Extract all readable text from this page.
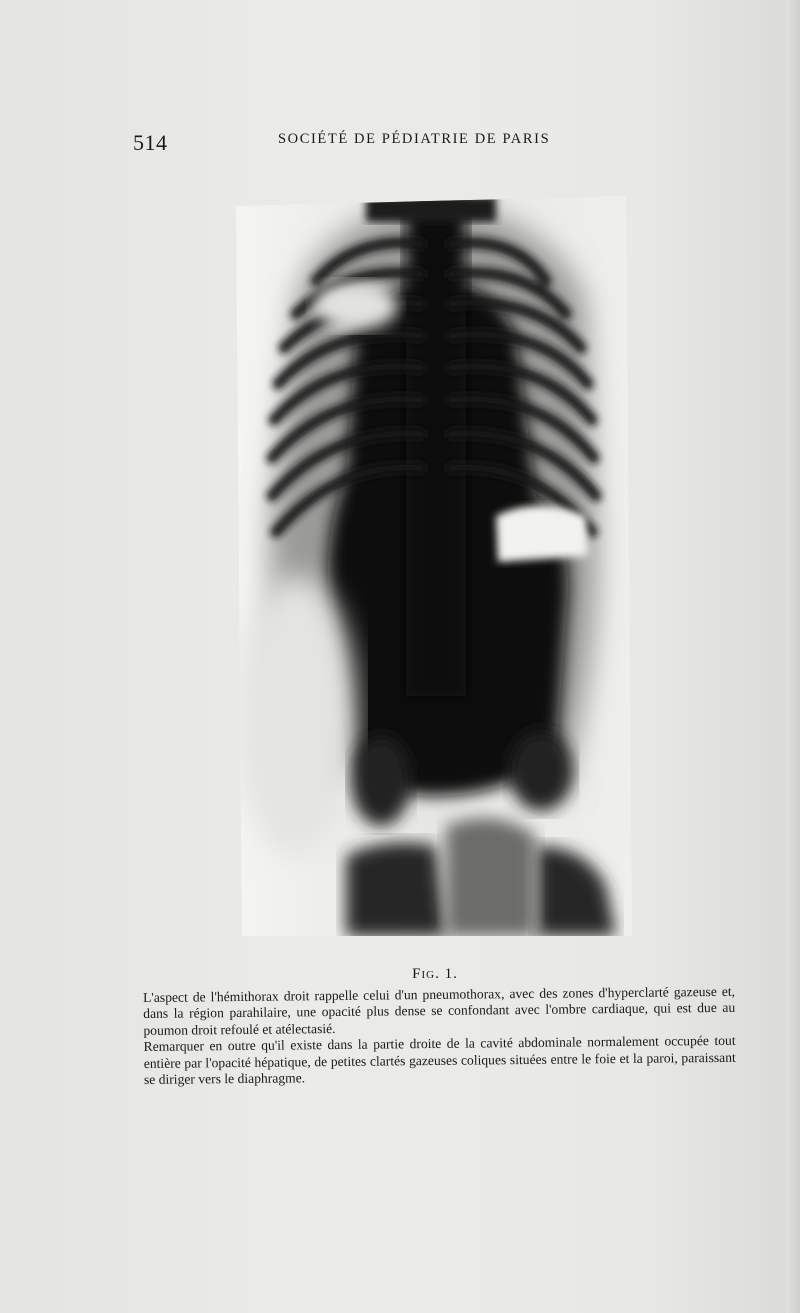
514	SOCIÉTÉ DE PÉDIATRIE DE PARIS
Fig. 1.

L'aspect de l'hémithorax droit rappelle celui d'un pneumothorax, avec des zones d'hyperclarté gazeuse et, dans la région parahilaire, une opacité plus dense se confondant avec l'ombre cardiaque, qui est due au poumon droit refoulé et atélectasié.

Remarquer en outre qu'il existe dans la partie droite de la cavité abdominale normalement occupée tout entière par l'opacité hépatique, de petites clartés gazeuses coliques situées entre le foie et la paroi, paraissant se diriger vers le diaphragme.
